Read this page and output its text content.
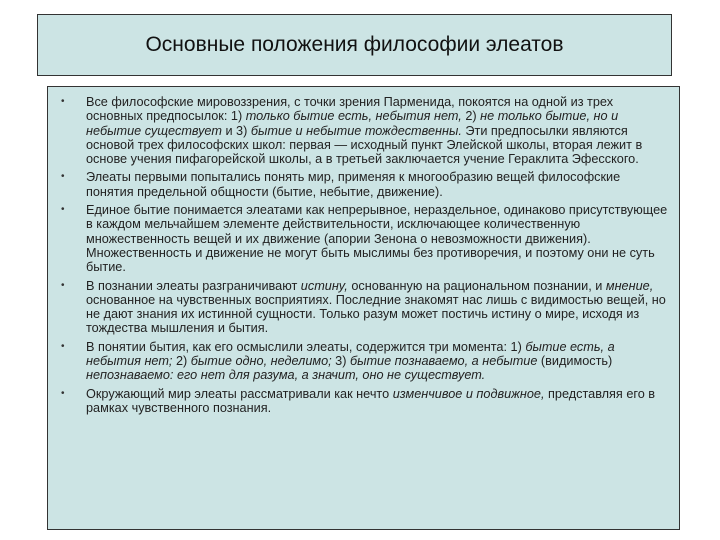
Основные положения философии элеатов
• Все философские мировоззрения, с точки зрения Парменида, покоятся на одной из трех основных предпосылок: 1) только бытие есть, небытия нет, 2) не только бытие, но и небытие существует и 3) бытие и небытие тождественны. Эти предпосылки являются основой трех философских школ: первая — исходный пункт Элейской школы, вторая лежит в основе учения пифагорейской школы, а в третьей заключается учение Гераклита Эфесского.
• Элеаты первыми попытались понять мир, применяя к многообразию вещей философские понятия предельной общности (бытие, небытие, движение).
• Единое бытие понимается элеатами как непрерывное, нераздельное, одинаково присутствующее в каждом мельчайшем элементе действительности, исключающее количественную множественность вещей и их движение (апории Зенона о невозможности движения). Множественность и движение не могут быть мыслимы без противоречия, и поэтому они не суть бытие.
• В познании элеаты разграничивают истину, основанную на рациональном познании, и мнение, основанное на чувственных восприятиях. Последние знакомят нас лишь с видимостью вещей, но не дают знания их истинной сущности. Только разум может постичь истину о мире, исходя из тождества мышления и бытия.
• В понятии бытия, как его осмыслили элеаты, содержится три момента: 1) бытие есть, а небытия нет; 2) бытие одно, неделимо; 3) бытие познаваемо, а небытие (видимость) непознаваемо: его нет для разума, а значит, оно не существует.
• Окружающий мир элеаты рассматривали как нечто изменчивое и подвижное, представляя его в рамках чувственного познания.
